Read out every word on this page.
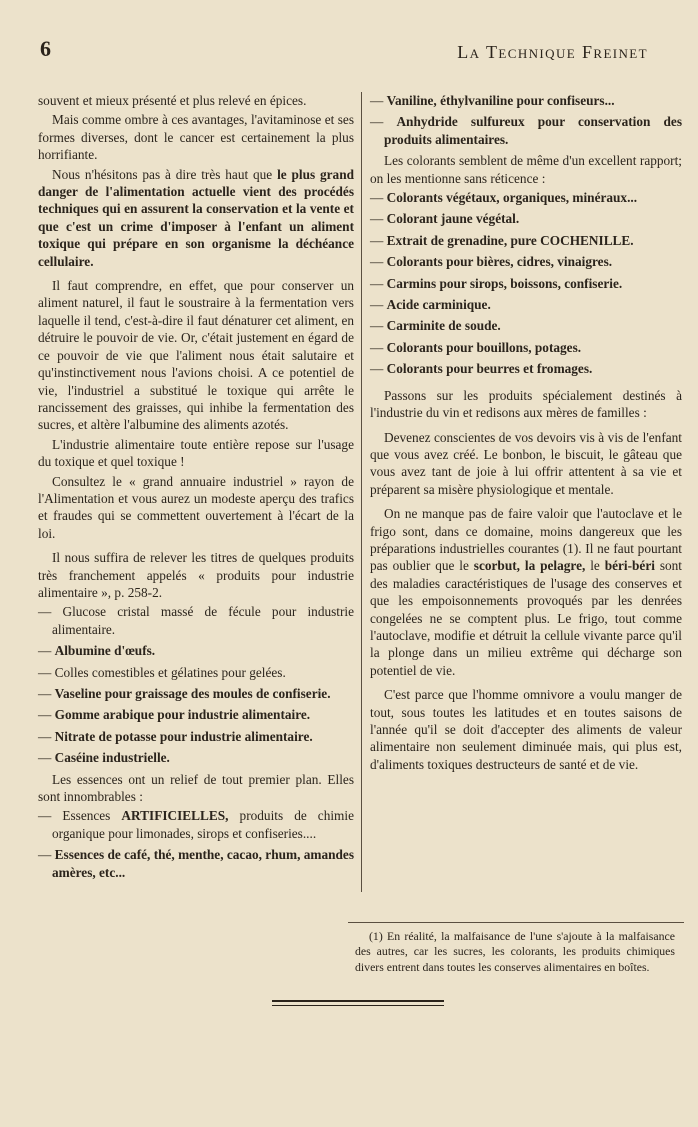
6	La Technique Freinet

souvent et mieux présenté et plus relevé en épices.

Mais comme ombre à ces avantages, l'avitaminose et ses formes diverses, dont le cancer est certainement la plus horrifiante.

Nous n'hésitons pas à dire très haut que le plus grand danger de l'alimentation actuelle vient des procédés techniques qui en assurent la conservation et la vente et que c'est un crime d'imposer à l'enfant un aliment toxique qui prépare en son organisme la déchéance cellulaire.

Il faut comprendre, en effet, que pour conserver un aliment naturel, il faut le soustraire à la fermentation vers laquelle il tend, c'est-à-dire il faut dénaturer cet aliment, en détruire le pouvoir de vie. Or, c'était justement en égard de ce pouvoir de vie que l'aliment nous était salutaire et qu'instinctivement nous l'avions choisi. A ce potentiel de vie, l'industriel a substitué le toxique qui arrête le rancissement des graisses, qui inhibe la fermentation des sucres, et altère l'albumine des aliments azotés.

L'industrie alimentaire toute entière repose sur l'usage du toxique et quel toxique !

Consultez le « grand annuaire industriel » rayon de l'Alimentation et vous aurez un modeste aperçu des trafics et fraudes qui se commettent ouvertement à l'écart de la loi.

Il nous suffira de relever les titres de quelques produits très franchement appelés « produits pour industrie alimentaire », p. 258-2.

— Glucose cristal massé de fécule pour industrie alimentaire.
— Albumine d'œufs.
— Colles comestibles et gélatines pour gelées.
— Vaseline pour graissage des moules de confiserie.
— Gomme arabique pour industrie alimentaire.
— Nitrate de potasse pour industrie alimentaire.
— Caséine industrielle.

Les essences ont un relief de tout premier plan. Elles sont innombrables :

— Essences ARTIFICIELLES, produits de chimie organique pour limonades, sirops et confiseries....
— Essences de café, thé, menthe, cacao, rhum, amandes amères, etc...
— Vaniline, éthylvaniline pour confiseurs...
— Anhydride sulfureux pour conservation des produits alimentaires.

Les colorants semblent de même d'un excellent rapport; on les mentionne sans réticence :

— Colorants végétaux, organiques, minéraux...
— Colorant jaune végétal.
— Extrait de grenadine, pure COCHENILLE.
— Colorants pour bières, cidres, vinaigres.
— Carmins pour sirops, boissons, confiserie.
— Acide carminique.
— Carminite de soude.
— Colorants pour bouillons, potages.
— Colorants pour beurres et fromages.

Passons sur les produits spécialement destinés à l'industrie du vin et redisons aux mères de familles :

Devenez conscientes de vos devoirs vis à vis de l'enfant que vous avez créé. Le bonbon, le biscuit, le gâteau que vous avez tant de joie à lui offrir attentent à sa vie et préparent sa misère physiologique et mentale.

On ne manque pas de faire valoir que l'autoclave et le frigo sont, dans ce domaine, moins dangereux que les préparations industrielles courantes (1). Il ne faut pourtant pas oublier que le scorbut, la pelagre, le béri-béri sont des maladies caractéristiques de l'usage des conserves et que les empoisonnements provoqués par les denrées congelées ne se comptent plus. Le frigo, tout comme l'autoclave, modifie et détruit la cellule vivante parce qu'il la plonge dans un milieu extrême qui décharge son potentiel de vie.

C'est parce que l'homme omnivore a voulu manger de tout, sous toutes les latitudes et en toutes saisons de l'année qu'il se doit d'accepter des aliments de valeur alimentaire non seulement diminuée mais, qui plus est, d'aliments toxiques destructeurs de santé et de vie.

(1) En réalité, la malfaisance de l'une s'ajoute à la malfaisance des autres, car les sucres, les colorants, les produits chimiques divers entrent dans toutes les conserves alimentaires en boîtes.
